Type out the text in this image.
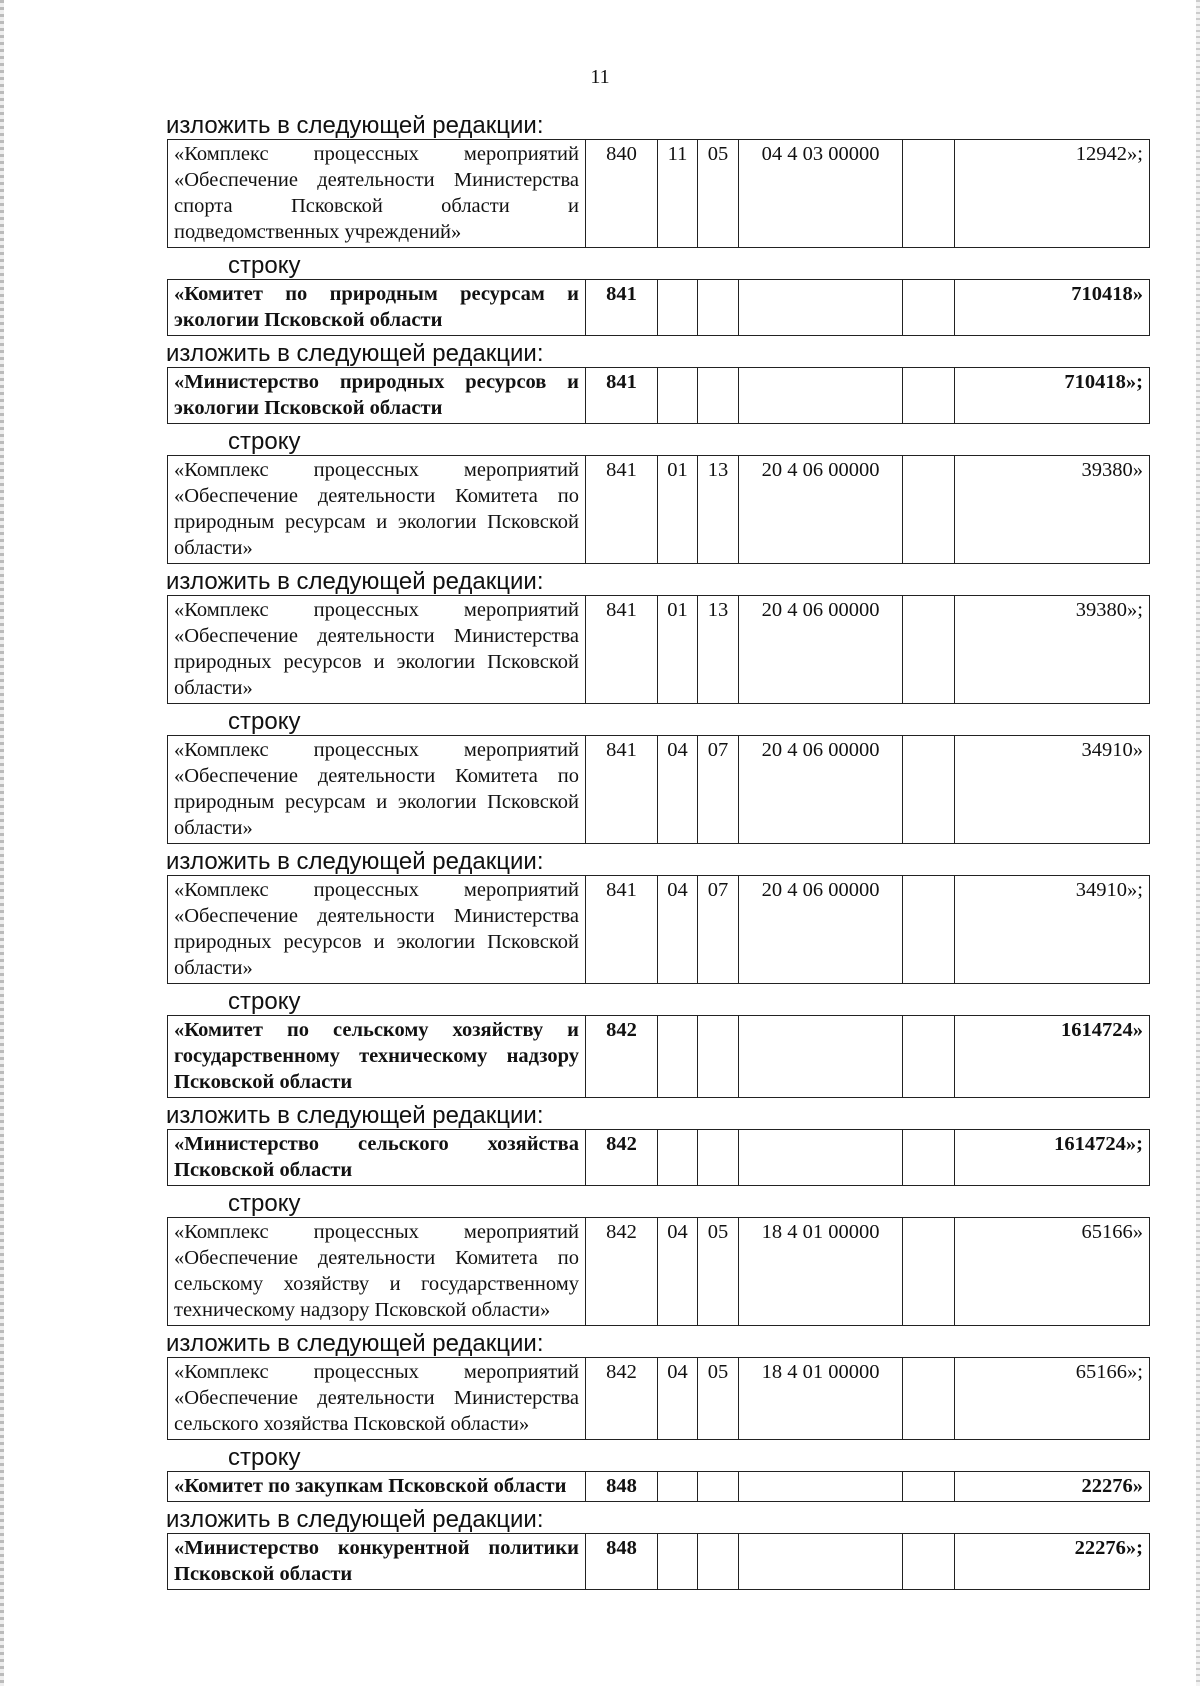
11
изложить в следующей редакции:
«Комплекс процессных мероприятий «Обеспечение деятельности Министерства спорта Псковской области и подведомственных учреждений»	840	11	05	04 4 03 00000		12942»;
строку
«Комитет по природным ресурсам и экологии Псковской области	841					710418»
изложить в следующей редакции:
«Министерство природных ресурсов и экологии Псковской области	841					710418»;
строку
«Комплекс процессных мероприятий «Обеспечение деятельности Комитета по природным ресурсам и экологии Псковской области»	841	01	13	20 4 06 00000		39380»
изложить в следующей редакции:
«Комплекс процессных мероприятий «Обеспечение деятельности Министерства природных ресурсов и экологии Псковской области»	841	01	13	20 4 06 00000		39380»;
строку
«Комплекс процессных мероприятий «Обеспечение деятельности Комитета по природным ресурсам и экологии Псковской области»	841	04	07	20 4 06 00000		34910»
изложить в следующей редакции:
«Комплекс процессных мероприятий «Обеспечение деятельности Министерства природных ресурсов и экологии Псковской области»	841	04	07	20 4 06 00000		34910»;
строку
«Комитет по сельскому хозяйству и государственному техническому надзору Псковской области	842					1614724»
изложить в следующей редакции:
«Министерство сельского хозяйства Псковской области	842					1614724»;
строку
«Комплекс процессных мероприятий «Обеспечение деятельности Комитета по сельскому хозяйству и государственному техническому надзору Псковской области»	842	04	05	18 4 01 00000		65166»
изложить в следующей редакции:
«Комплекс процессных мероприятий «Обеспечение деятельности Министерства сельского хозяйства Псковской области»	842	04	05	18 4 01 00000		65166»;
строку
«Комитет по закупкам Псковской области	848					22276»
изложить в следующей редакции:
«Министерство конкурентной политики Псковской области	848					22276»;
